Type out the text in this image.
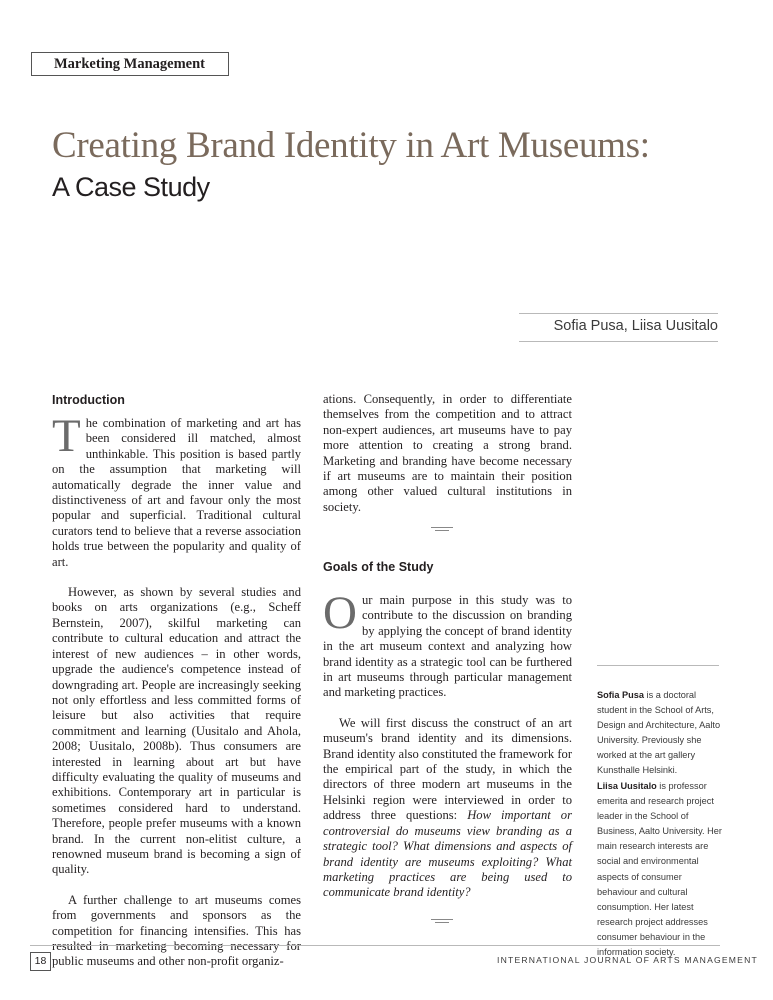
Marketing Management
Creating Brand Identity in Art Museums:
A Case Study
Sofia Pusa, Liisa Uusitalo
Introduction

The combination of marketing and art has been considered ill matched, almost unthinkable. This position is based partly on the assumption that marketing will automatically degrade the inner value and distinctiveness of art and favour only the most popular and superficial. Traditional cultural curators tend to believe that a reverse association holds true between the popularity and quality of art.

However, as shown by several studies and books on arts organizations (e.g., Scheff Bernstein, 2007), skilful marketing can contribute to cultural education and attract the interest of new audiences – in other words, upgrade the audience's competence instead of downgrading art. People are increasingly seeking not only effortless and less committed forms of leisure but also activities that require commitment and learning (Uusitalo and Ahola, 2008; Uusitalo, 2008b). Thus consumers are interested in learning about art but have difficulty evaluating the quality of museums and exhibitions. Contemporary art in particular is sometimes considered hard to understand. Therefore, people prefer museums with a known brand. In the current non-elitist culture, a renowned museum brand is becoming a sign of quality.

A further challenge to art museums comes from governments and sponsors as the competition for financing intensifies. This has resulted in marketing becoming necessary for public museums and other non-profit organiz-

ations. Consequently, in order to differentiate themselves from the competition and to attract non-expert audiences, art museums have to pay more attention to creating a strong brand. Marketing and branding have become necessary if art museums are to maintain their position among other valued cultural institutions in society.

Goals of the Study

Our main purpose in this study was to contribute to the discussion on branding by applying the concept of brand identity in the art museum context and analyzing how brand identity as a strategic tool can be furthered in art museums through particular management and marketing practices.

We will first discuss the construct of an art museum's brand identity and its dimensions. Brand identity also constituted the framework for the empirical part of the study, in which the directors of three modern art museums in the Helsinki region were interviewed in order to address three questions: How important or controversial do museums view branding as a strategic tool? What dimensions and aspects of brand identity are museums exploiting? What marketing practices are being used to communicate brand identity?

Sofia Pusa is a doctoral student in the School of Arts, Design and Architecture, Aalto University. Previously she worked at the art gallery Kunsthalle Helsinki.
Liisa Uusitalo is professor emerita and research project leader in the School of Business, Aalto University. Her main research interests are social and environmental aspects of consumer behaviour and cultural consumption. Her latest research project addresses consumer behaviour in the information society.
18	INTERNATIONAL JOURNAL OF ARTS MANAGEMENT
